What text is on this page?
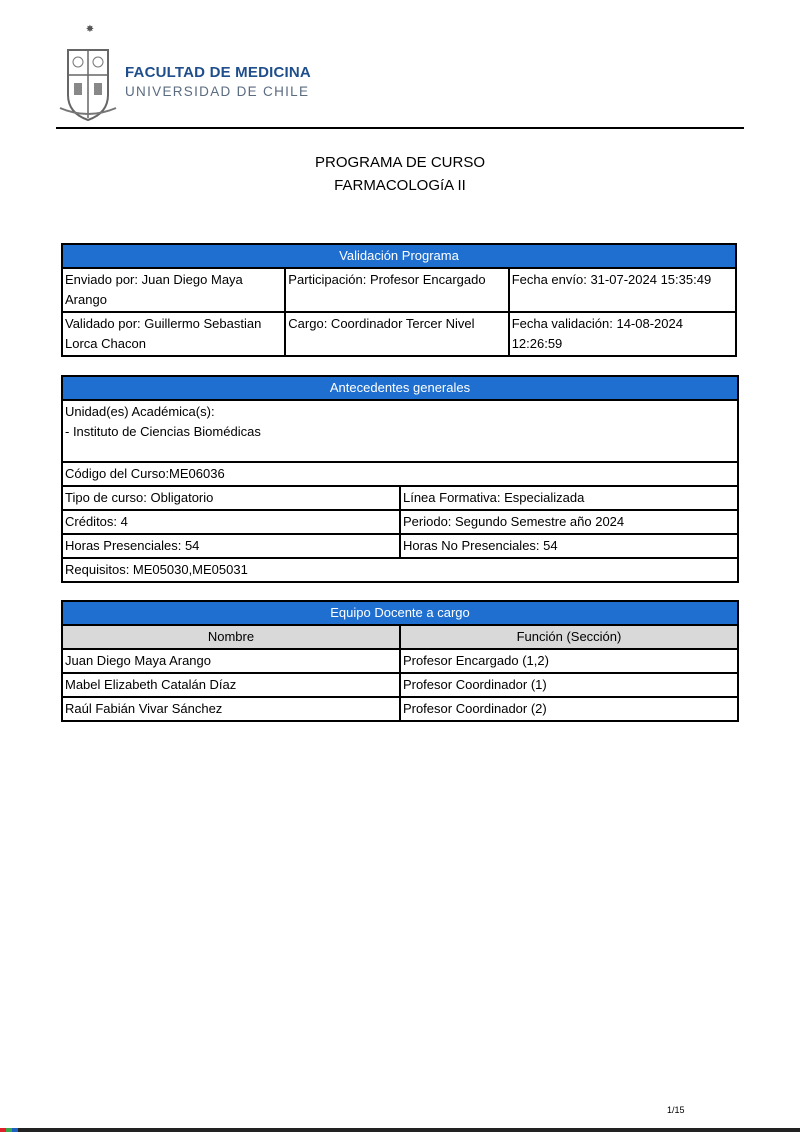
✸
FACULTAD DE MEDICINA
UNIVERSIDAD DE CHILE
PROGRAMA DE CURSO
FARMACOLOGíA II
Validación Programa		
Enviado por: Juan Diego Maya Arango	Participación: Profesor Encargado	Fecha envío: 31-07-2024 15:35:49
Validado por: Guillermo Sebastian Lorca Chacon	Cargo: Coordinador Tercer Nivel	Fecha validación: 14-08-2024 12:26:59
Antecedentes generales	

Unidad(es) Académica(s):
- Instituto de Ciencias Biomédicas	

Código del Curso:ME06036	
Tipo de curso: Obligatorio	Línea Formativa: Especializada
Créditos: 4	Periodo: Segundo Semestre año 2024
Horas Presenciales: 54	Horas No Presenciales: 54
Requisitos: ME05030,ME05031	
Equipo Docente a cargo	
Nombre	Función (Sección)
Juan Diego Maya Arango	Profesor Encargado (1,2)
Mabel Elizabeth Catalán Díaz	Profesor Coordinador (1)
Raúl Fabián Vivar Sánchez	Profesor Coordinador (2)
1/15
